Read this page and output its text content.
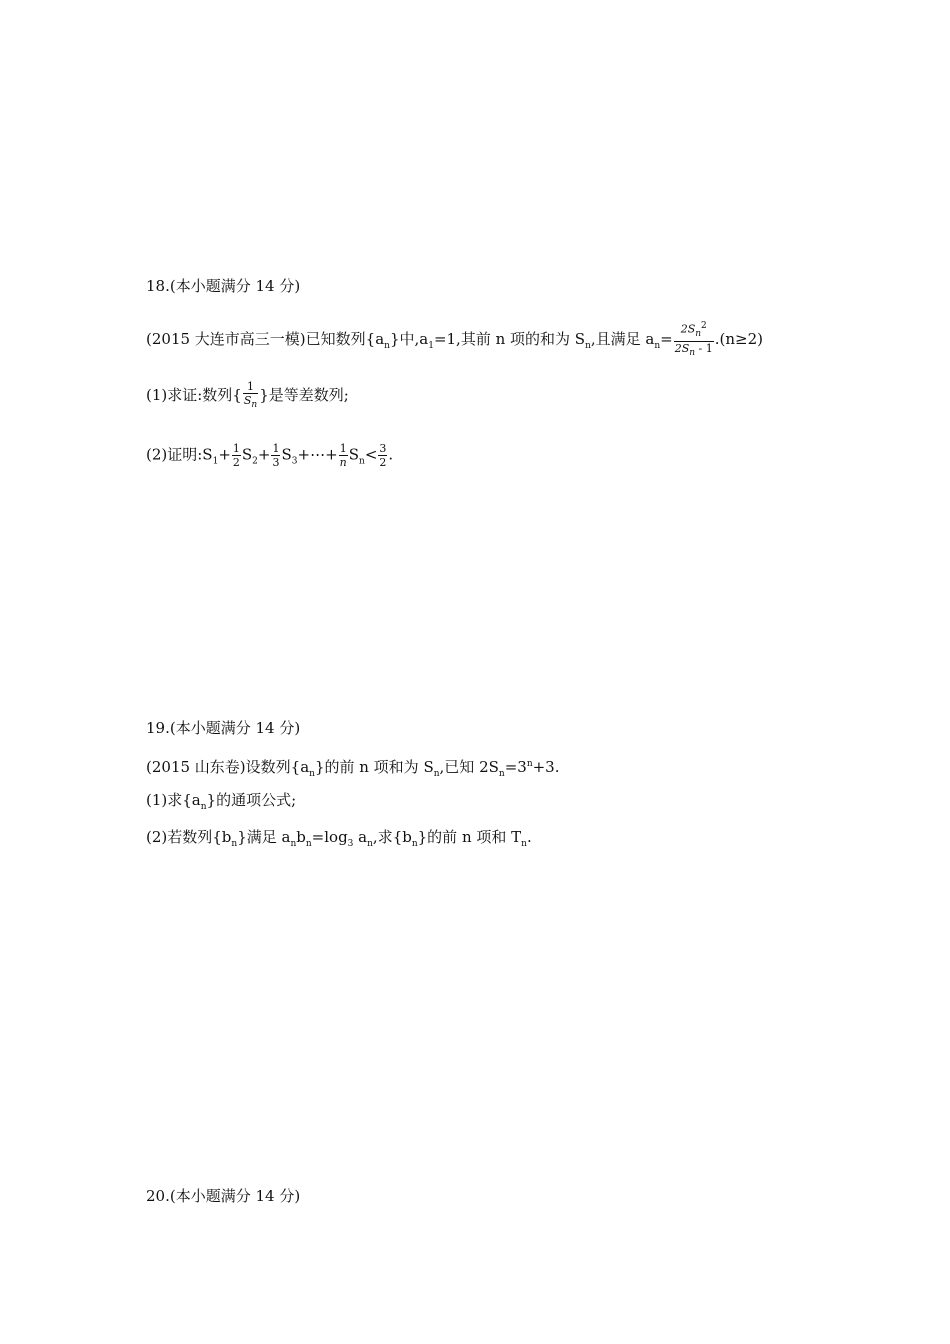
18.(本小题满分 14 分)
(2015 大连市高三一模)已知数列$\{a_n\}$中$,a_1=1$,其前 n 项的和为 $S_n$,且满足 $a_n= \frac{2S_n^2}{2S_n - 1} .(n\ge 2)$
(1)求证:数列{ $\frac{1}{S_n}$ }是等差数列;
(2)证明$:S_1+ \frac{1}{2} S_2+ \frac{1}{3}$ $S_3+\cdots+ \frac{1}{n} S_n< \frac{3}{2}$ .
19.(本小题满分 14 分)
(2015 山东卷)设数列$\{a_n\}$的前 n 项和为 $S_n$,已知 $2S_n=3^n+3$.
(1)求$\{a_n\}$的通项公式;
(2)若数列$\{b_n\}$满足 $a_nb_n=\log_3$ $a_n$,求$\{b_n\}$的前 n 项和 $T_n$.
20.(本小题满分 14 分)
